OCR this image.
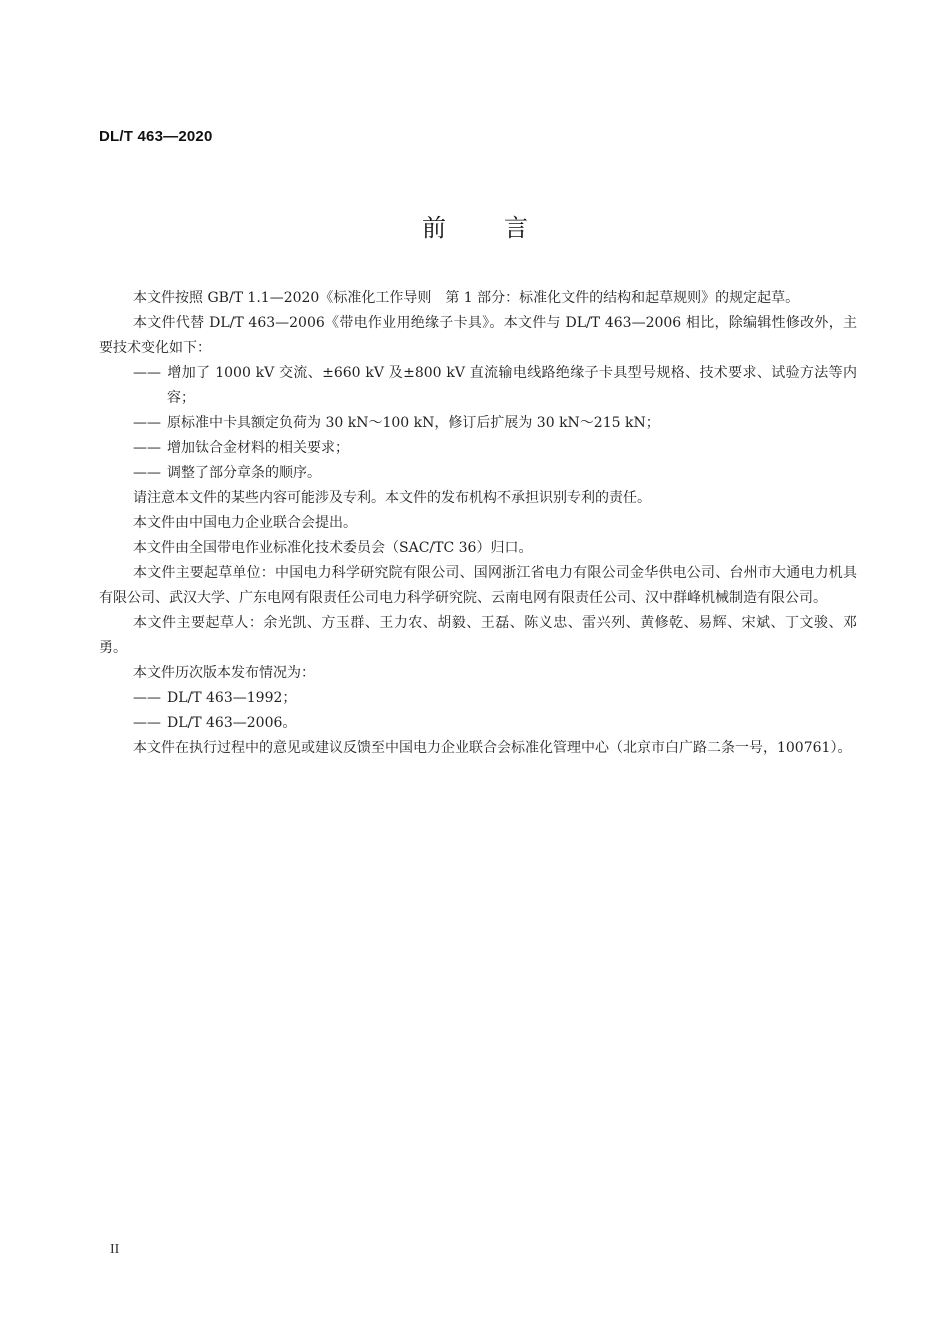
DL/T 463—2020
前言

本文件按照 GB/T 1.1—2020《标准化工作导则　第 1 部分：标准化文件的结构和起草规则》的规定起草。

本文件代替 DL/T 463—2006《带电作业用绝缘子卡具》。本文件与 DL/T 463—2006 相比，除编辑性修改外，主要技术变化如下：

—— 增加了 1000 kV 交流、±660 kV 及±800 kV 直流输电线路绝缘子卡具型号规格、技术要求、试验方法等内容；

—— 原标准中卡具额定负荷为 30 kN～100 kN，修订后扩展为 30 kN～215 kN；

—— 增加钛合金材料的相关要求；

—— 调整了部分章条的顺序。

请注意本文件的某些内容可能涉及专利。本文件的发布机构不承担识别专利的责任。

本文件由中国电力企业联合会提出。

本文件由全国带电作业标准化技术委员会（SAC/TC 36）归口。

本文件主要起草单位：中国电力科学研究院有限公司、国网浙江省电力有限公司金华供电公司、台州市大通电力机具有限公司、武汉大学、广东电网有限责任公司电力科学研究院、云南电网有限责任公司、汉中群峰机械制造有限公司。

本文件主要起草人：余光凯、方玉群、王力农、胡毅、王磊、陈义忠、雷兴列、黄修乾、易辉、宋斌、丁文骏、邓勇。

本文件历次版本发布情况为：

—— DL/T 463—1992；

—— DL/T 463—2006。

本文件在执行过程中的意见或建议反馈至中国电力企业联合会标准化管理中心（北京市白广路二条一号，100761）。

II
